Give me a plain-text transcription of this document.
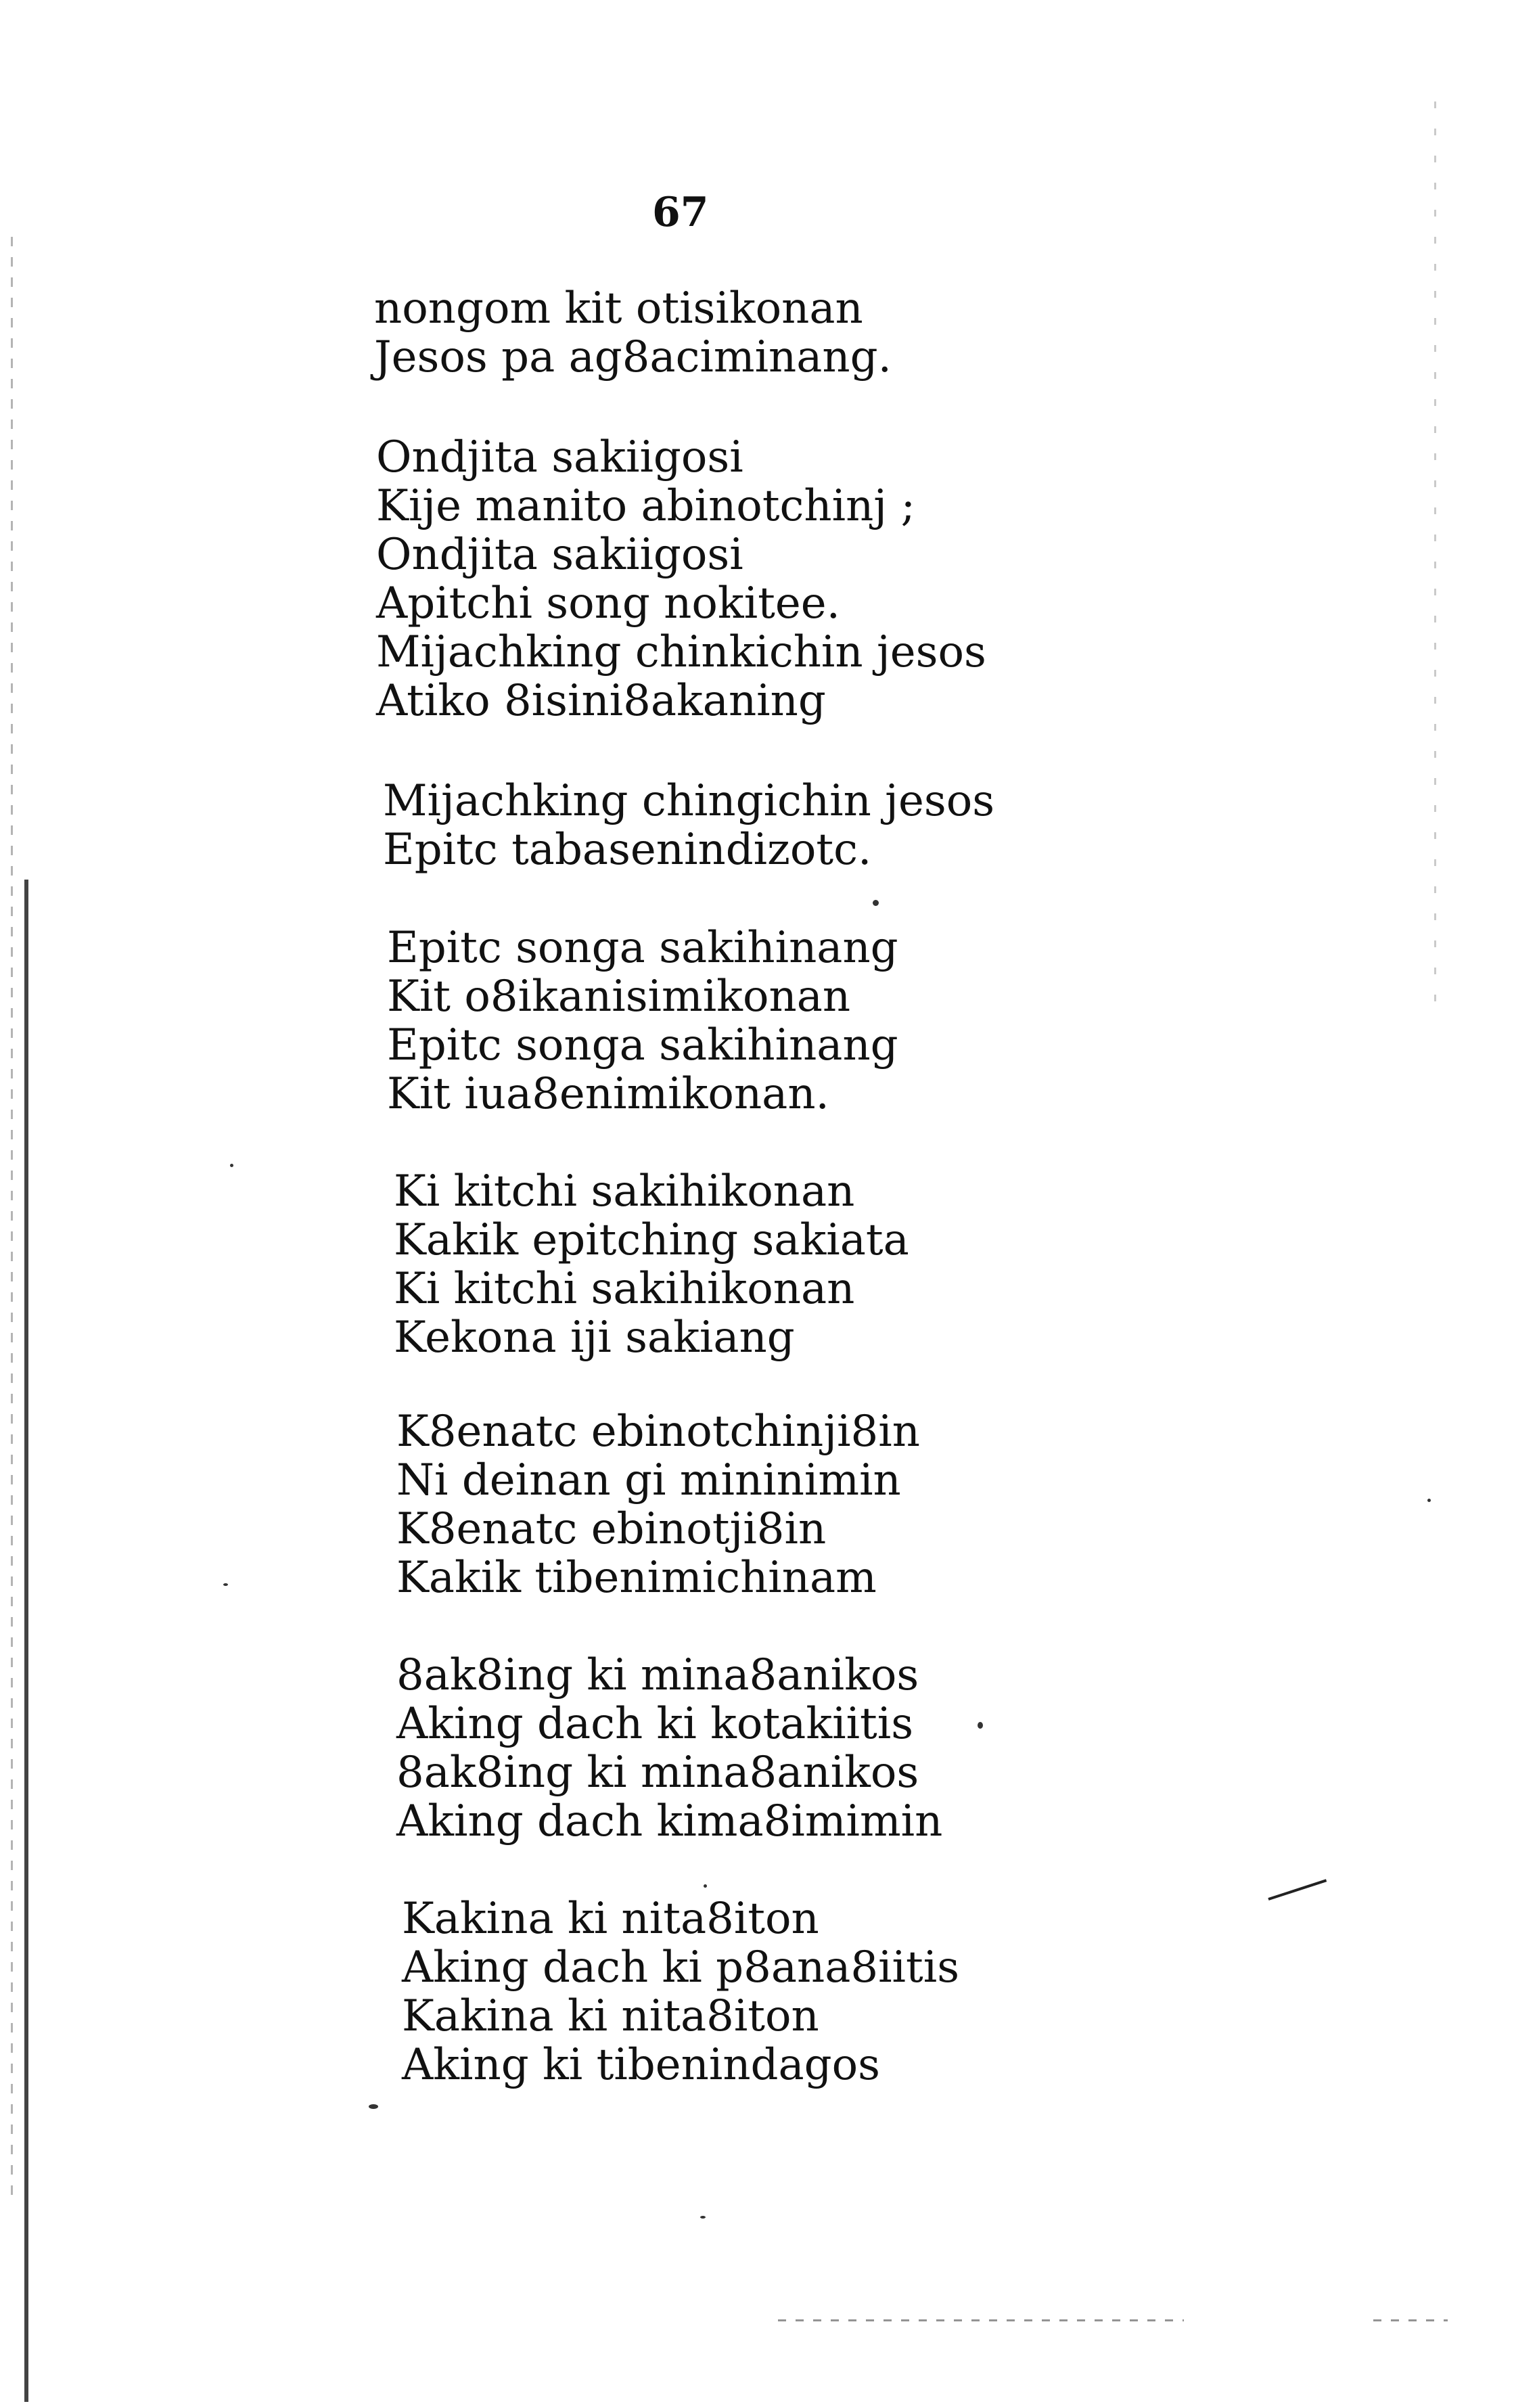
67
nongom kit otisikonan
Jesos pa ag8aciminang.
Ondjita sakiigosi
Kije manito abinotchinj ;
Ondjita sakiigosi
Apitchi song nokitee.
Mijachking chinkichin jesos
Atiko 8isini8akaning
Mijachking chingichin jesos
Epitc tabasenindizotc.
Epitc songa sakihinang
Kit o8ikanisimikonan
Epitc songa sakihinang
Kit iua8enimikonan.
Ki kitchi sakihikonan
Kakik epitching sakiata
Ki kitchi sakihikonan
Kekona iji sakiang
K8enatc ebinotchinji8in
Ni deinan gi mininimin
K8enatc ebinotji8in
Kakik tibenimichinam
8ak8ing ki mina8anikos
Aking dach ki kotakiitis
8ak8ing ki mina8anikos
Aking dach kima8imimin
Kakina ki nita8iton
Aking dach ki p8ana8iitis
Kakina ki nita8iton
Aking ki tibenindagos
